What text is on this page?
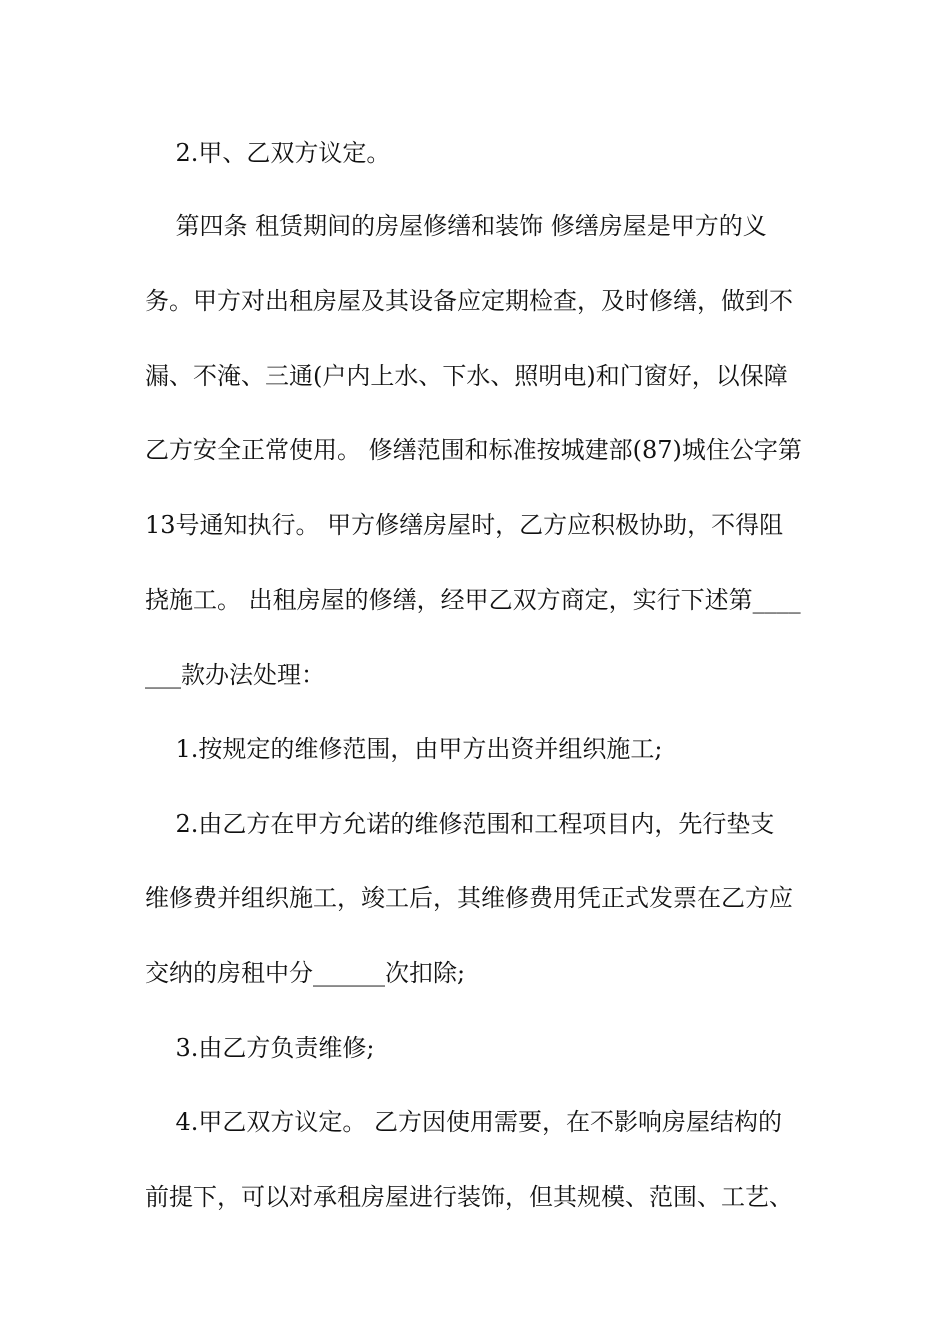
2.甲、乙双方议定。
第四条 租赁期间的房屋修缮和装饰 修缮房屋是甲方的义
务。甲方对出租房屋及其设备应定期检查，及时修缮，做到不
漏、不淹、三通(户内上水、下水、照明电)和门窗好，以保障
乙方安全正常使用。 修缮范围和标准按城建部(87)城住公字第
13号通知执行。 甲方修缮房屋时，乙方应积极协助，不得阻
挠施工。 出租房屋的修缮，经甲乙双方商定，实行下述第____
___款办法处理：
1.按规定的维修范围，由甲方出资并组织施工;
2.由乙方在甲方允诺的维修范围和工程项目内，先行垫支
维修费并组织施工，竣工后，其维修费用凭正式发票在乙方应
交纳的房租中分______次扣除;
3.由乙方负责维修;
4.甲乙双方议定。 乙方因使用需要，在不影响房屋结构的
前提下，可以对承租房屋进行装饰，但其规模、范围、工艺、
